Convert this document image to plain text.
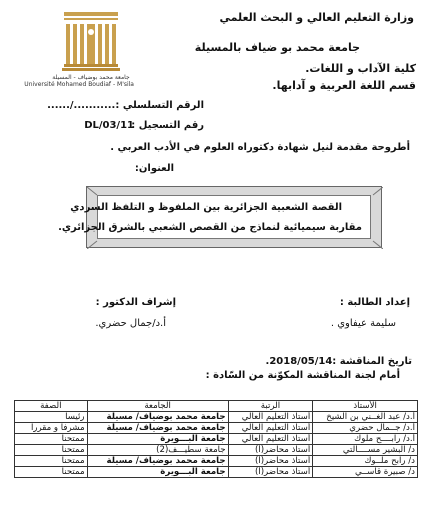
وزارة التعليم العالي و البحث العلمي
جامعة محمد بو ضياف بالمسيلة
كلية الآداب و اللغات.
قسم اللغة العربية و آدابها.
جامعة محمد بوضياف - المسيلة
Université Mohamed Boudiaf - M'sila
الرقم التسلسلي :.........../......
رقم التسجيل :
DL/03/11
أطروحة مقدمة لنيل شهادة دكتوراه العلوم في الأدب العربي .
العنوان:
القصة الشعبية الجزائرية بين الملفوظ و التلفظ السردي
مقاربة سيميائية لنماذج من القصص الشعبي بالشرق الجزائري.
إعداد الطالبة :
سليمة عيفاوي .
إشراف الدكتور :
أ.د/جمال حضري.
تاريخ المناقشة :2018/05/14.
أمام لجنة المناقشة المكوّنة من السّادة :
الأستاذ	الرتبة	الجامعة	الصفة
أ.د/ عبد الغــني بن الشيخ	أستاذ التعليم العالي	جامعة محمد بوضياف/ مسيلة	رئيسا
أ.د/ جــمال حضري	أستاذ التعليم العالي	جامعة محمد بوضياف/ مسيلة	مشرفا و مقررا
أ.د/ رابــــح ملوك	أستاذ التعليم العالي	جامعة البـــويرة	ممتحنا
د/ البشير مســــالتي	أستاذ محاضر(أ)	جامعة سطيـــف(2)	ممتحنا
د/ رابح ملــوك	أستاذ محاضر(أ)	جامعة محمد بوضياف/ مسيلة	ممتحنا
د/ صبيرة قاســي	أستاذ محاضر(أ)	جامعة البـــويرة	ممتحنا
